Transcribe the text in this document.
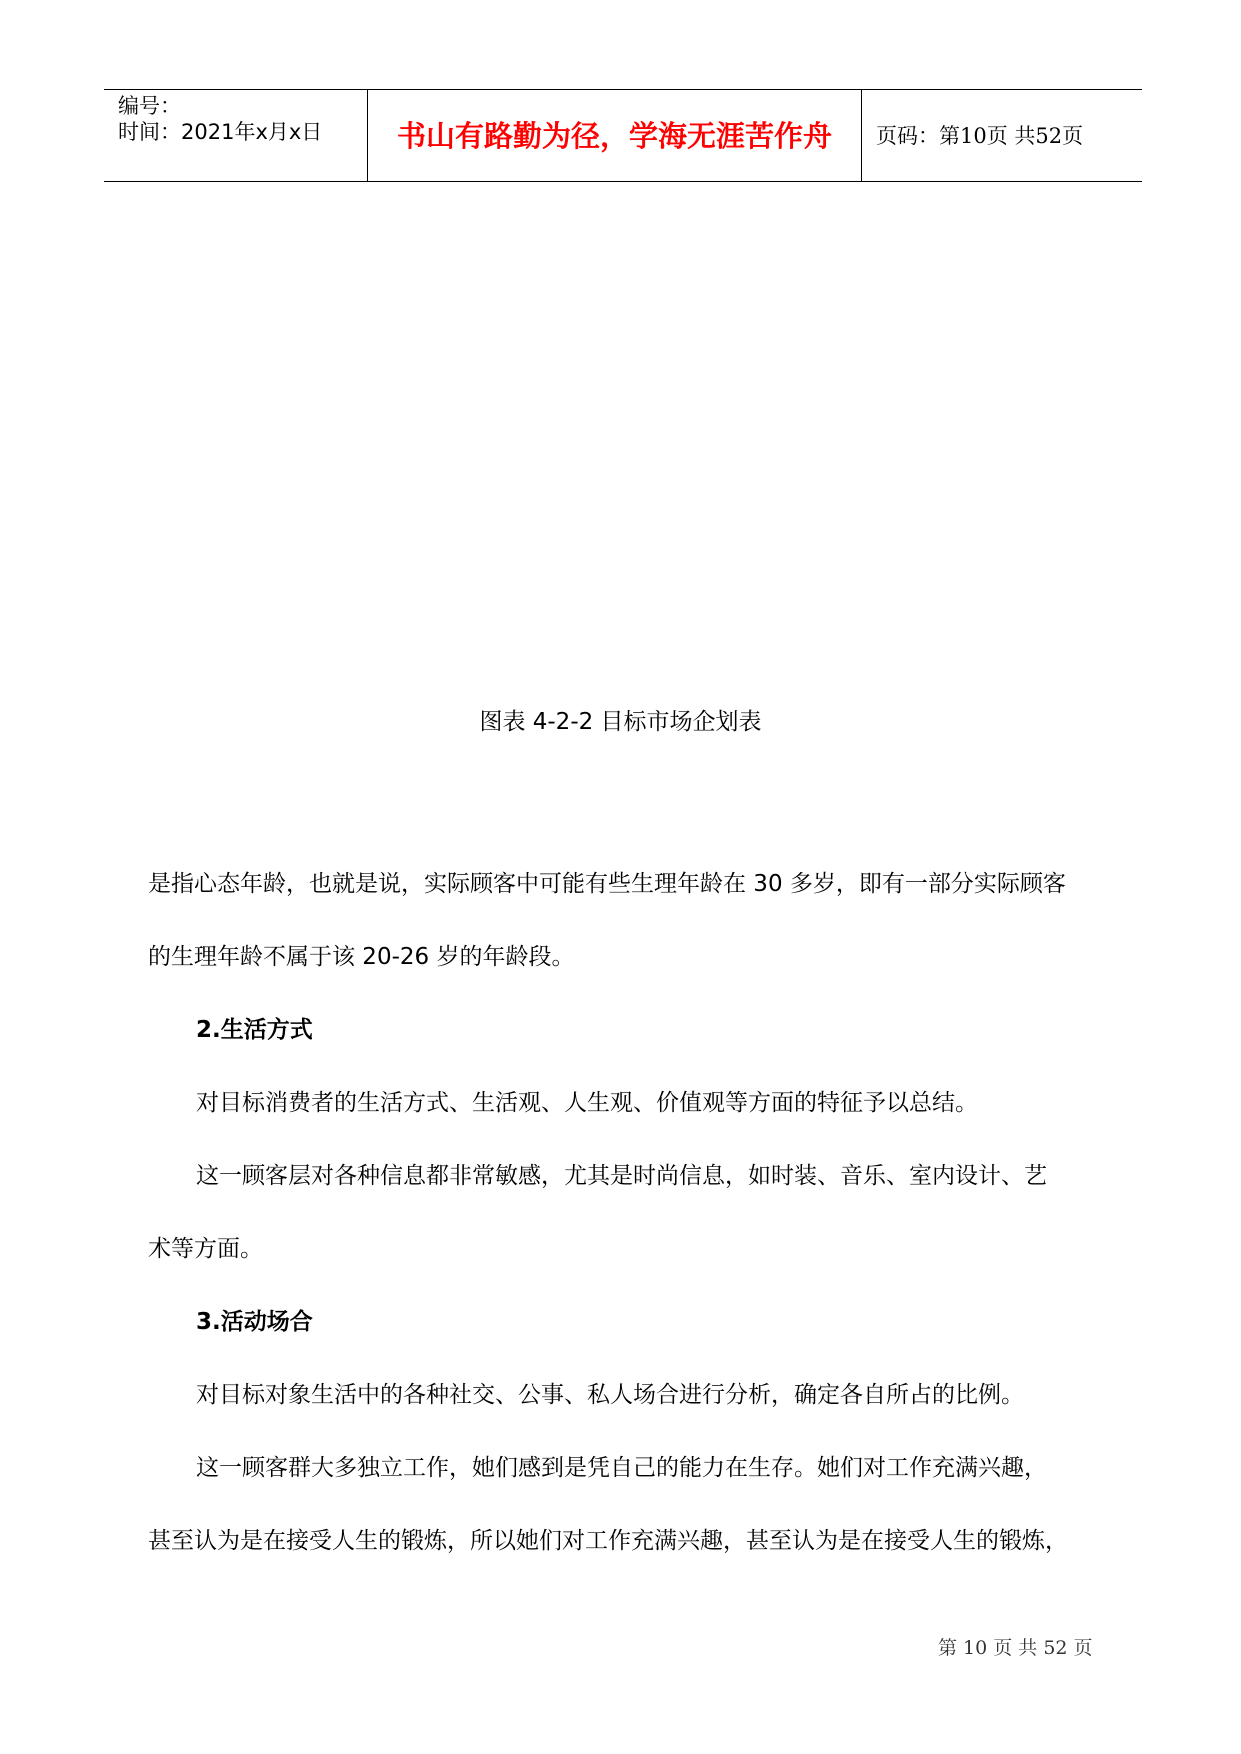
编号：
时间：2021年x月x日	书山有路勤为径，学海无涯苦作舟	页码：第10页 共52页
图表 4-2-2 目标市场企划表
是指心态年龄，也就是说，实际顾客中可能有些生理年龄在 30 多岁，即有一部分实际顾客
的生理年龄不属于该 20-26 岁的年龄段。
2.生活方式
对目标消费者的生活方式、生活观、人生观、价值观等方面的特征予以总结。
这一顾客层对各种信息都非常敏感，尤其是时尚信息，如时装、音乐、室内设计、艺
术等方面。
3.活动场合
对目标对象生活中的各种社交、公事、私人场合进行分析，确定各自所占的比例。
这一顾客群大多独立工作，她们感到是凭自己的能力在生存。她们对工作充满兴趣，
甚至认为是在接受人生的锻炼，所以她们对工作充满兴趣，甚至认为是在接受人生的锻炼，
第 10 页 共 52 页
